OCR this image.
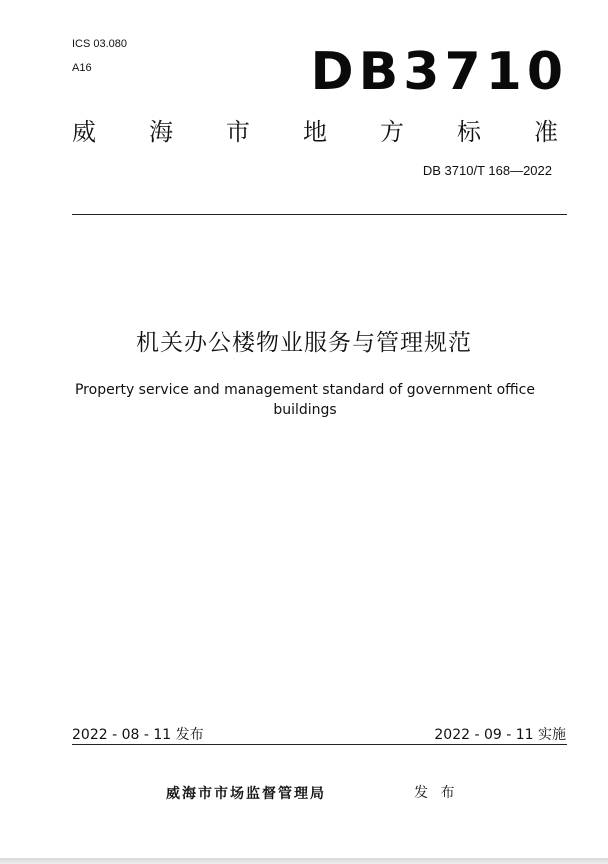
ICS 03.080
A16	DB3710
威 海 市 地 方 标 准
DB 3710/T 168—2022
机关办公楼物业服务与管理规范
Property service and management standard of government office
buildings
2022 - 08 - 11 发布	2022 - 09 - 11 实施
威海市市场监督管理局	发 布
